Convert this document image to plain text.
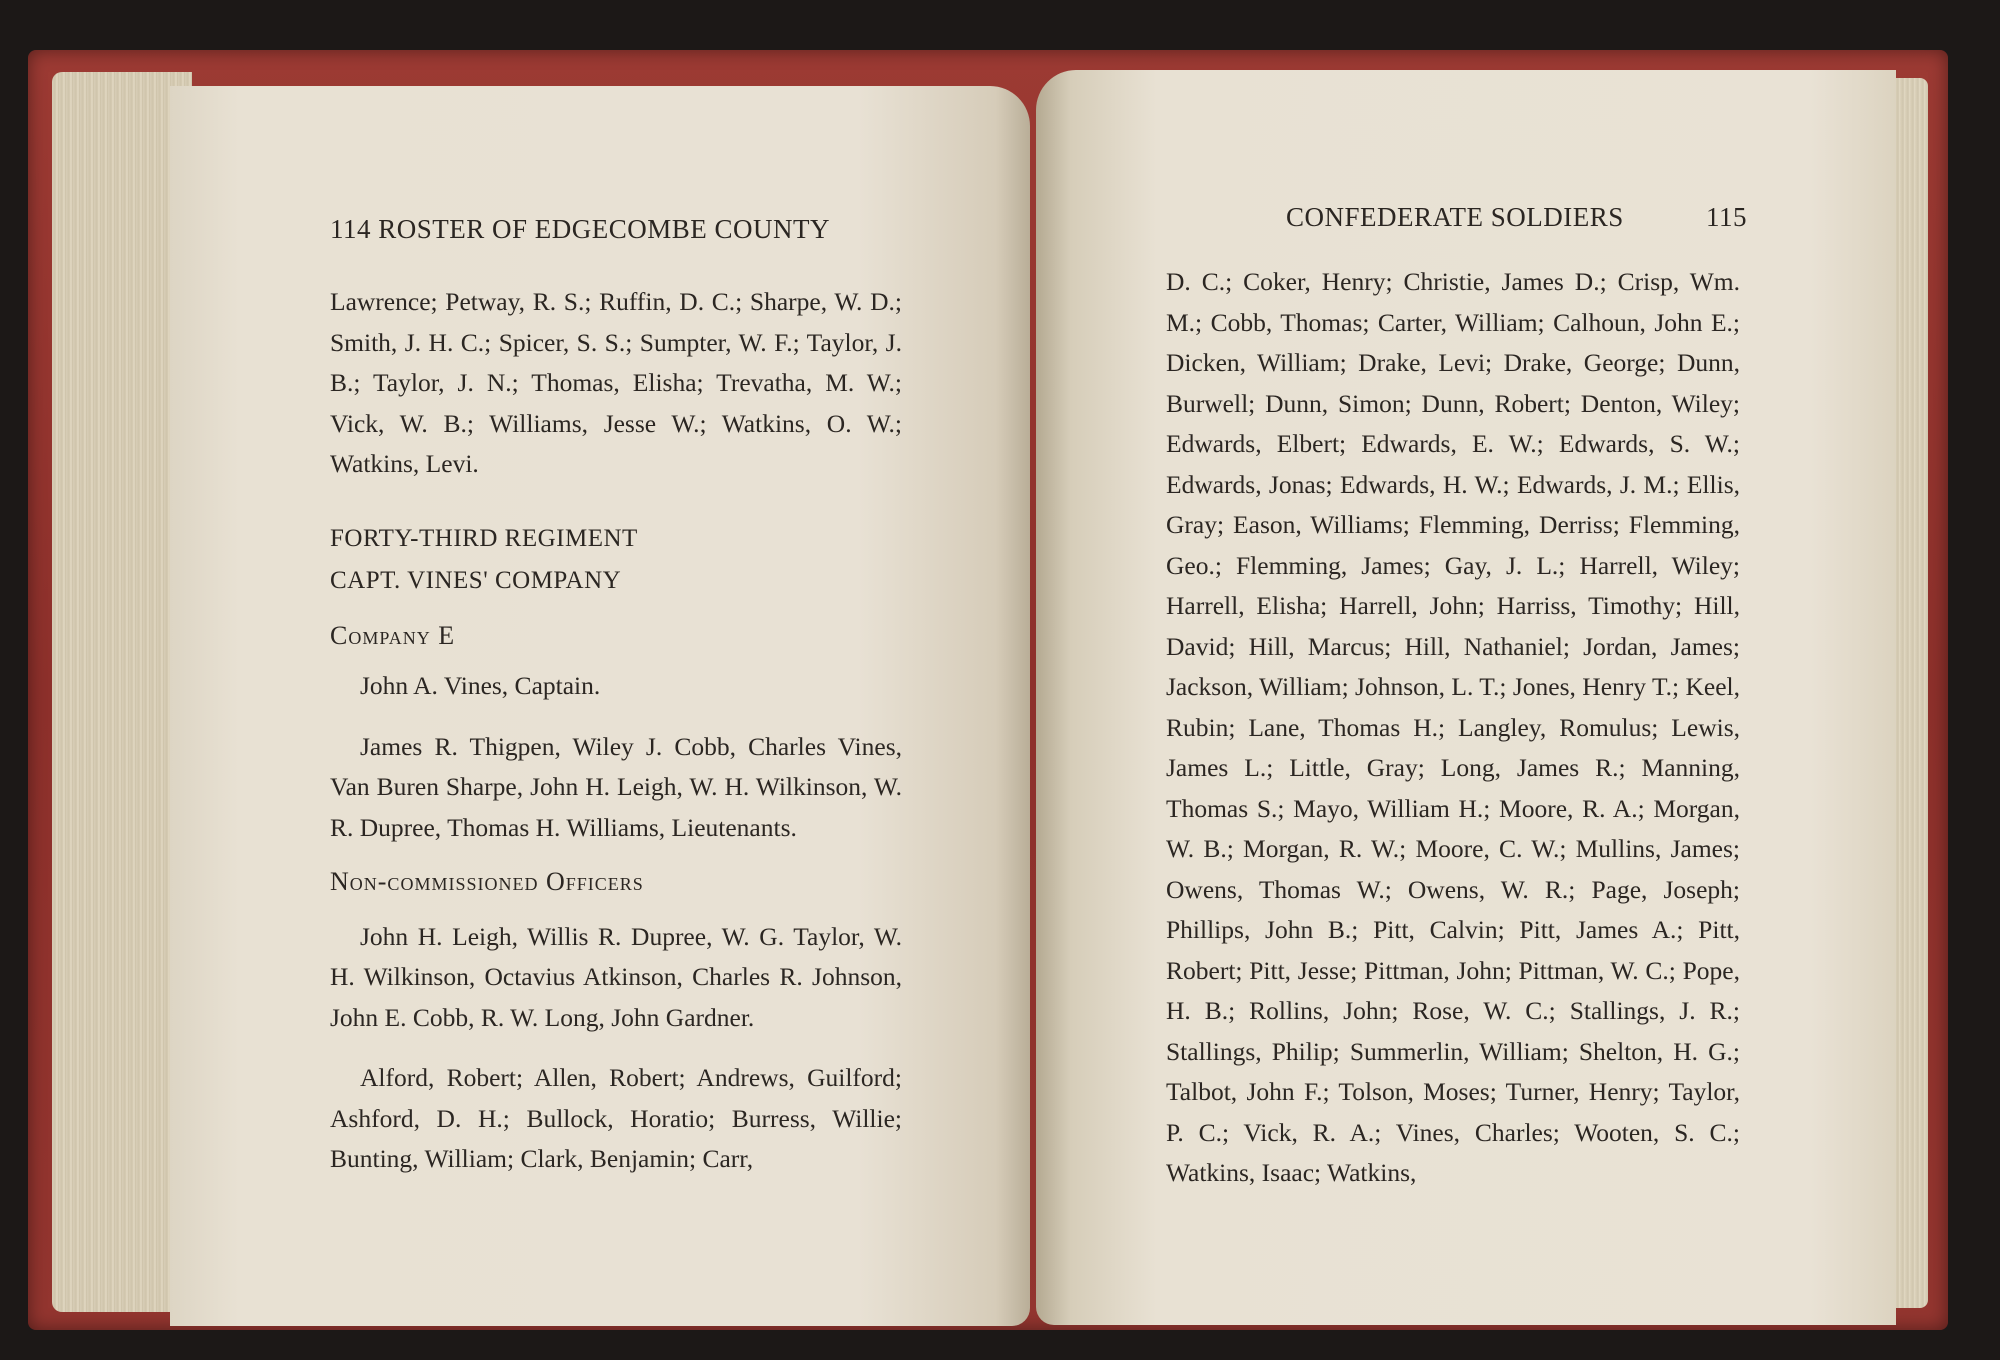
114 ROSTER OF EDGECOMBE COUNTY

Lawrence; Petway, R. S.; Ruffin, D. C.; Sharpe, W. D.; Smith, J. H. C.; Spicer, S. S.; Sumpter, W. F.; Taylor, J. B.; Taylor, J. N.; Thomas, Elisha; Trevatha, M. W.; Vick, W. B.; Williams, Jesse W.; Watkins, O. W.; Watkins, Levi.

FORTY-THIRD REGIMENT

CAPT. VINES' COMPANY

Company E

John A. Vines, Captain.

James R. Thigpen, Wiley J. Cobb, Charles Vines, Van Buren Sharpe, John H. Leigh, W. H. Wilkinson, W. R. Dupree, Thomas H. Williams, Lieutenants.

Non-commissioned Officers

John H. Leigh, Willis R. Dupree, W. G. Taylor, W. H. Wilkinson, Octavius Atkinson, Charles R. Johnson, John E. Cobb, R. W. Long, John Gardner.

Alford, Robert; Allen, Robert; Andrews, Guilford; Ashford, D. H.; Bullock, Horatio; Burress, Willie; Bunting, William; Clark, Benjamin; Carr,

CONFEDERATE SOLDIERS	115

D. C.; Coker, Henry; Christie, James D.; Crisp, Wm. M.; Cobb, Thomas; Carter, William; Calhoun, John E.; Dicken, William; Drake, Levi; Drake, George; Dunn, Burwell; Dunn, Simon; Dunn, Robert; Denton, Wiley; Edwards, Elbert; Edwards, E. W.; Edwards, S. W.; Edwards, Jonas; Edwards, H. W.; Edwards, J. M.; Ellis, Gray; Eason, Williams; Flemming, Derriss; Flemming, Geo.; Flemming, James; Gay, J. L.; Harrell, Wiley; Harrell, Elisha; Harrell, John; Harriss, Timothy; Hill, David; Hill, Marcus; Hill, Nathaniel; Jordan, James; Jackson, William; Johnson, L. T.; Jones, Henry T.; Keel, Rubin; Lane, Thomas H.; Langley, Romulus; Lewis, James L.; Little, Gray; Long, James R.; Manning, Thomas S.; Mayo, William H.; Moore, R. A.; Morgan, W. B.; Morgan, R. W.; Moore, C. W.; Mullins, James; Owens, Thomas W.; Owens, W. R.; Page, Joseph; Phillips, John B.; Pitt, Calvin; Pitt, James A.; Pitt, Robert; Pitt, Jesse; Pittman, John; Pittman, W. C.; Pope, H. B.; Rollins, John; Rose, W. C.; Stallings, J. R.; Stallings, Philip; Summerlin, William; Shelton, H. G.; Talbot, John F.; Tolson, Moses; Turner, Henry; Taylor, P. C.; Vick, R. A.; Vines, Charles; Wooten, S. C.; Watkins, Isaac; Watkins,
